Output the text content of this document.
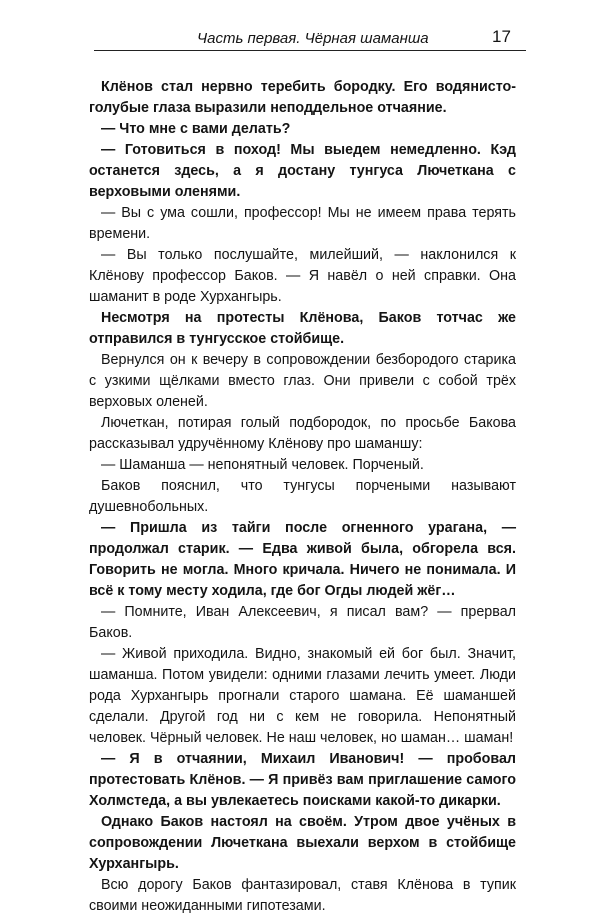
Часть первая. Чёрная шаманша	17

Клёнов стал нервно теребить бородку. Его водянисто-голубые глаза выразили неподдельное отчаяние.

— Что мне с вами делать?

— Готовиться в поход! Мы выедем немедленно. Кэд останется здесь, а я достану тунгуса Лючеткана с верховыми оленями.

— Вы с ума сошли, профессор! Мы не имеем права терять времени.

— Вы только послушайте, милейший, — наклонился к Клёнову профессор Баков. — Я навёл о ней справки. Она шаманит в роде Хурхангырь.

Несмотря на протесты Клёнова, Баков тотчас же отправился в тунгусское стойбище.

Вернулся он к вечеру в сопровождении безбородого старика с узкими щёлками вместо глаз. Они привели с собой трёх верховых оленей.

Лючеткан, потирая голый подбородок, по просьбе Бакова рассказывал удручённому Клёнову про шаманшу:

— Шаманша — непонятный человек. Порченый.

Баков пояснил, что тунгусы порчеными называют душевнобольных.

— Пришла из тайги после огненного урагана, — продолжал старик. — Едва живой была, обгорела вся. Говорить не могла. Много кричала. Ничего не понимала. И всё к тому месту ходила, где бог Огды людей жёг…

— Помните, Иван Алексеевич, я писал вам? — прервал Баков.

— Живой приходила. Видно, знакомый ей бог был. Значит, шаманша. Потом увидели: одними глазами лечить умеет. Люди рода Хурхангырь прогнали старого шамана. Её шаманшей сделали. Другой год ни с кем не говорила. Непонятный человек. Чёрный человек. Не наш человек, но шаман… шаман!

— Я в отчаянии, Михаил Иванович! — пробовал протестовать Клёнов. — Я привёз вам приглашение самого Холмстеда, а вы увлекаетесь поисками какой-то дикарки.

Однако Баков настоял на своём. Утром двое учёных в сопровождении Лючеткана выехали верхом в стойбище Хурхангырь.

Всю дорогу Баков фантазировал, ставя Клёнова в тупик своими неожиданными гипотезами.
